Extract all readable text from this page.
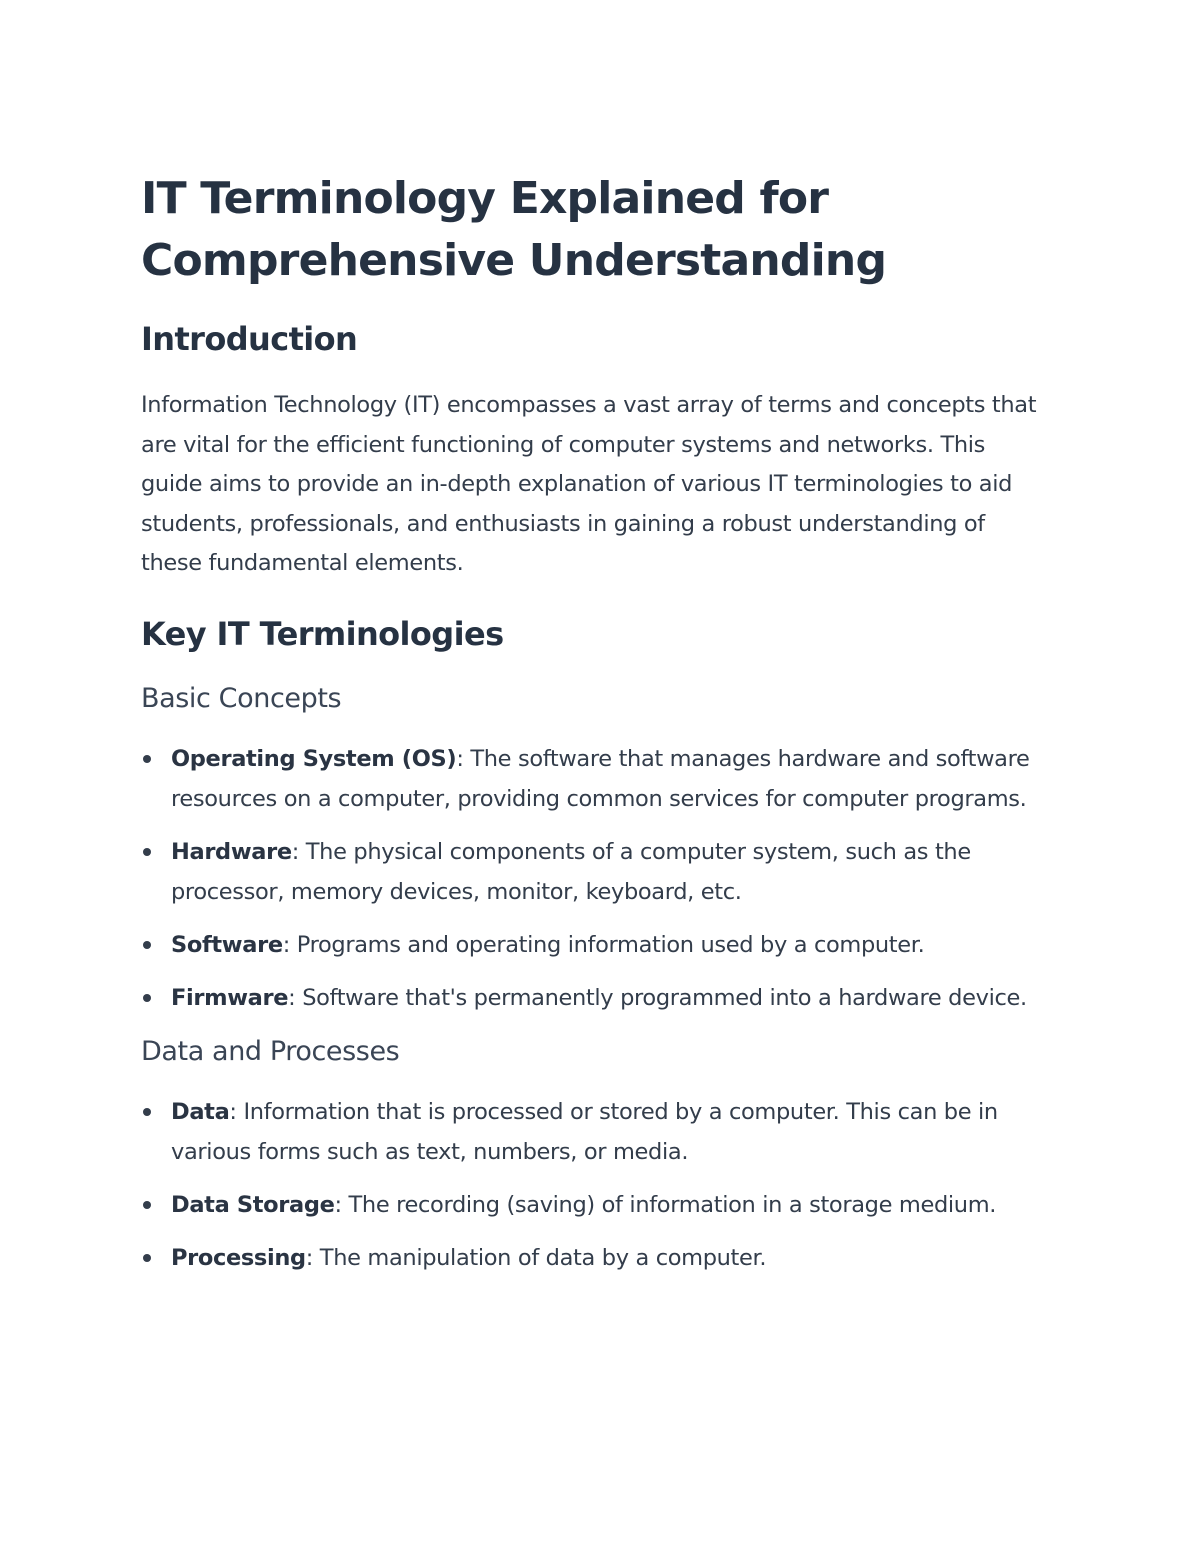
IT Terminology Explained for Comprehensive Understanding
Introduction

Information Technology (IT) encompasses a vast array of terms and concepts that are vital for the efficient functioning of computer systems and networks. This guide aims to provide an in-depth explanation of various IT terminologies to aid students, professionals, and enthusiasts in gaining a robust understanding of these fundamental elements.

Key IT Terminologies
Basic Concepts
Operating System (OS): The software that manages hardware and software resources on a computer, providing common services for computer programs.
Hardware: The physical components of a computer system, such as the processor, memory devices, monitor, keyboard, etc.
Software: Programs and operating information used by a computer.
Firmware: Software that's permanently programmed into a hardware device.
Data and Processes
Data: Information that is processed or stored by a computer. This can be in various forms such as text, numbers, or media.
Data Storage: The recording (saving) of information in a storage medium.
Processing: The manipulation of data by a computer.
